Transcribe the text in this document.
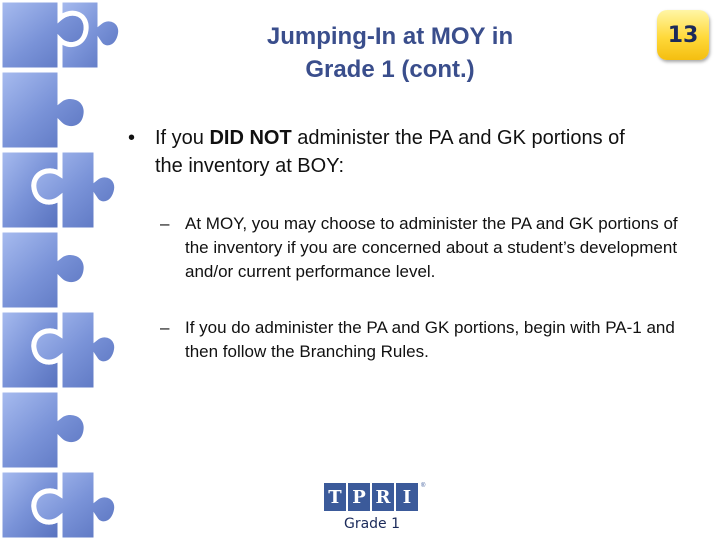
Jumping-In at MOY in
Grade 1 (cont.)
13
• If you DID NOT administer the PA and GK portions of the inventory at BOY:
– At MOY, you may choose to administer the PA and GK portions of the inventory if you are concerned about a student’s development and/or current performance level.
– If you do administer the PA and GK portions, begin with PA-1 and then follow the Branching Rules.
T P R I
®
Grade 1
